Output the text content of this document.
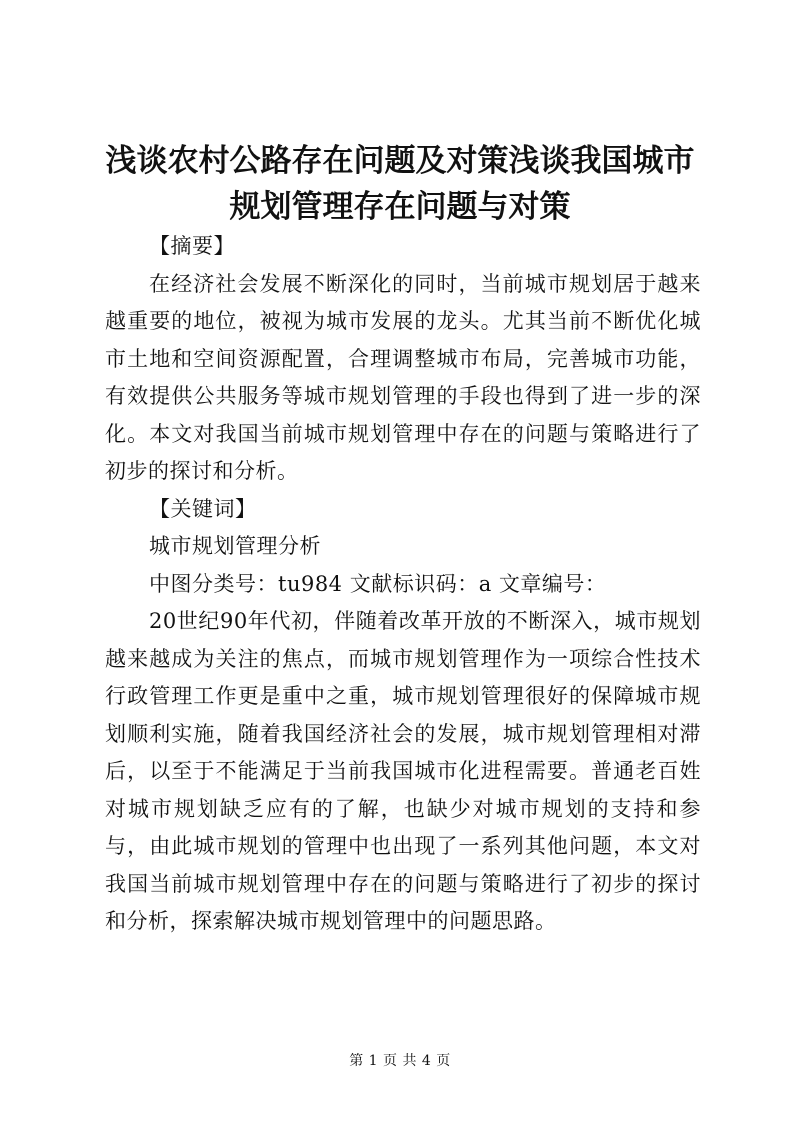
浅谈农村公路存在问题及对策浅谈我国城市规划管理存在问题与对策

【摘要】

在经济社会发展不断深化的同时，当前城市规划居于越来越重要的地位，被视为城市发展的龙头。尤其当前不断优化城市土地和空间资源配置，合理调整城市布局，完善城市功能，有效提供公共服务等城市规划管理的手段也得到了进一步的深化。本文对我国当前城市规划管理中存在的问题与策略进行了初步的探讨和分析。

【关键词】

城市规划管理分析

中图分类号：tu984 文献标识码：a 文章编号：

20世纪90年代初，伴随着改革开放的不断深入，城市规划越来越成为关注的焦点，而城市规划管理作为一项综合性技术行政管理工作更是重中之重，城市规划管理很好的保障城市规划顺利实施，随着我国经济社会的发展，城市规划管理相对滞后，以至于不能满足于当前我国城市化进程需要。普通老百姓对城市规划缺乏应有的了解，也缺少对城市规划的支持和参与，由此城市规划的管理中也出现了一系列其他问题，本文对我国当前城市规划管理中存在的问题与策略进行了初步的探讨和分析，探索解决城市规划管理中的问题思路。

第 1 页 共 4 页
